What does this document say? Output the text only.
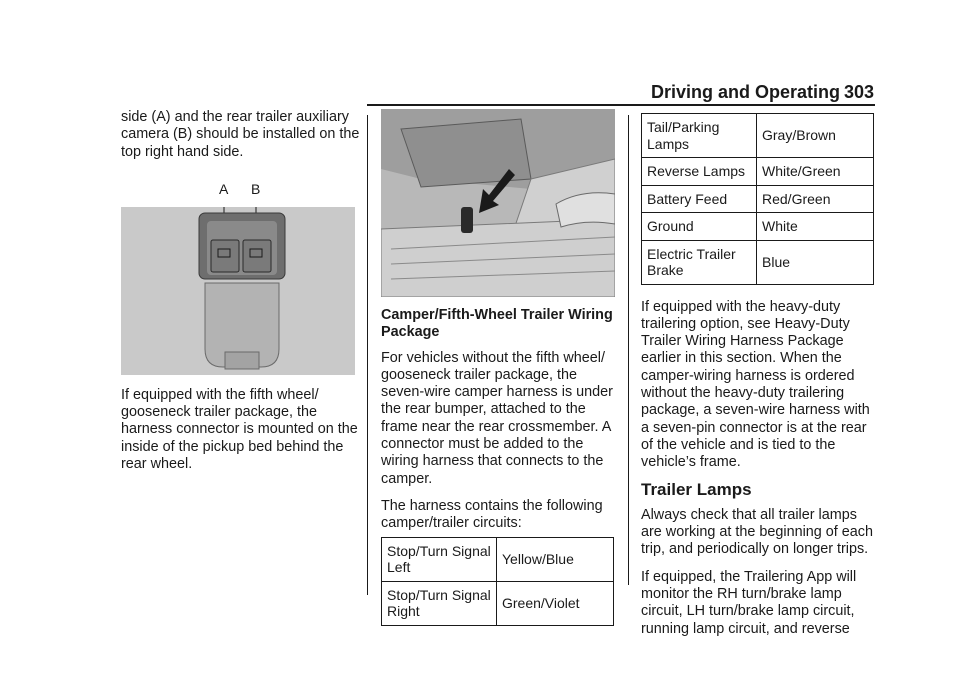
Driving and Operating 303

side (A) and the rear trailer auxiliary camera (B) should be installed on the top right hand side.

A B

If equipped with the fifth wheel/ gooseneck trailer package, the harness connector is mounted on the inside of the pickup bed behind the rear wheel.

Camper/Fifth-Wheel Trailer Wiring Package

For vehicles without the fifth wheel/ gooseneck trailer package, the seven-wire camper harness is under the rear bumper, attached to the frame near the rear crossmember. A connector must be added to the wiring harness that connects to the camper.

The harness contains the following camper/trailer circuits:

Stop/Turn Signal Left	Yellow/Blue
Stop/Turn Signal Right	Green/Violet
Tail/Parking Lamps	Gray/Brown
Reverse Lamps	White/Green
Battery Feed	Red/Green
Ground	White
Electric Trailer Brake	Blue

If equipped with the heavy-duty trailering option, see Heavy-Duty Trailer Wiring Harness Package earlier in this section. When the camper-wiring harness is ordered without the heavy-duty trailering package, a seven-wire harness with a seven-pin connector is at the rear of the vehicle and is tied to the vehicle’s frame.

Trailer Lamps

Always check that all trailer lamps are working at the beginning of each trip, and periodically on longer trips.

If equipped, the Trailering App will monitor the RH turn/brake lamp circuit, LH turn/brake lamp circuit, running lamp circuit, and reverse
